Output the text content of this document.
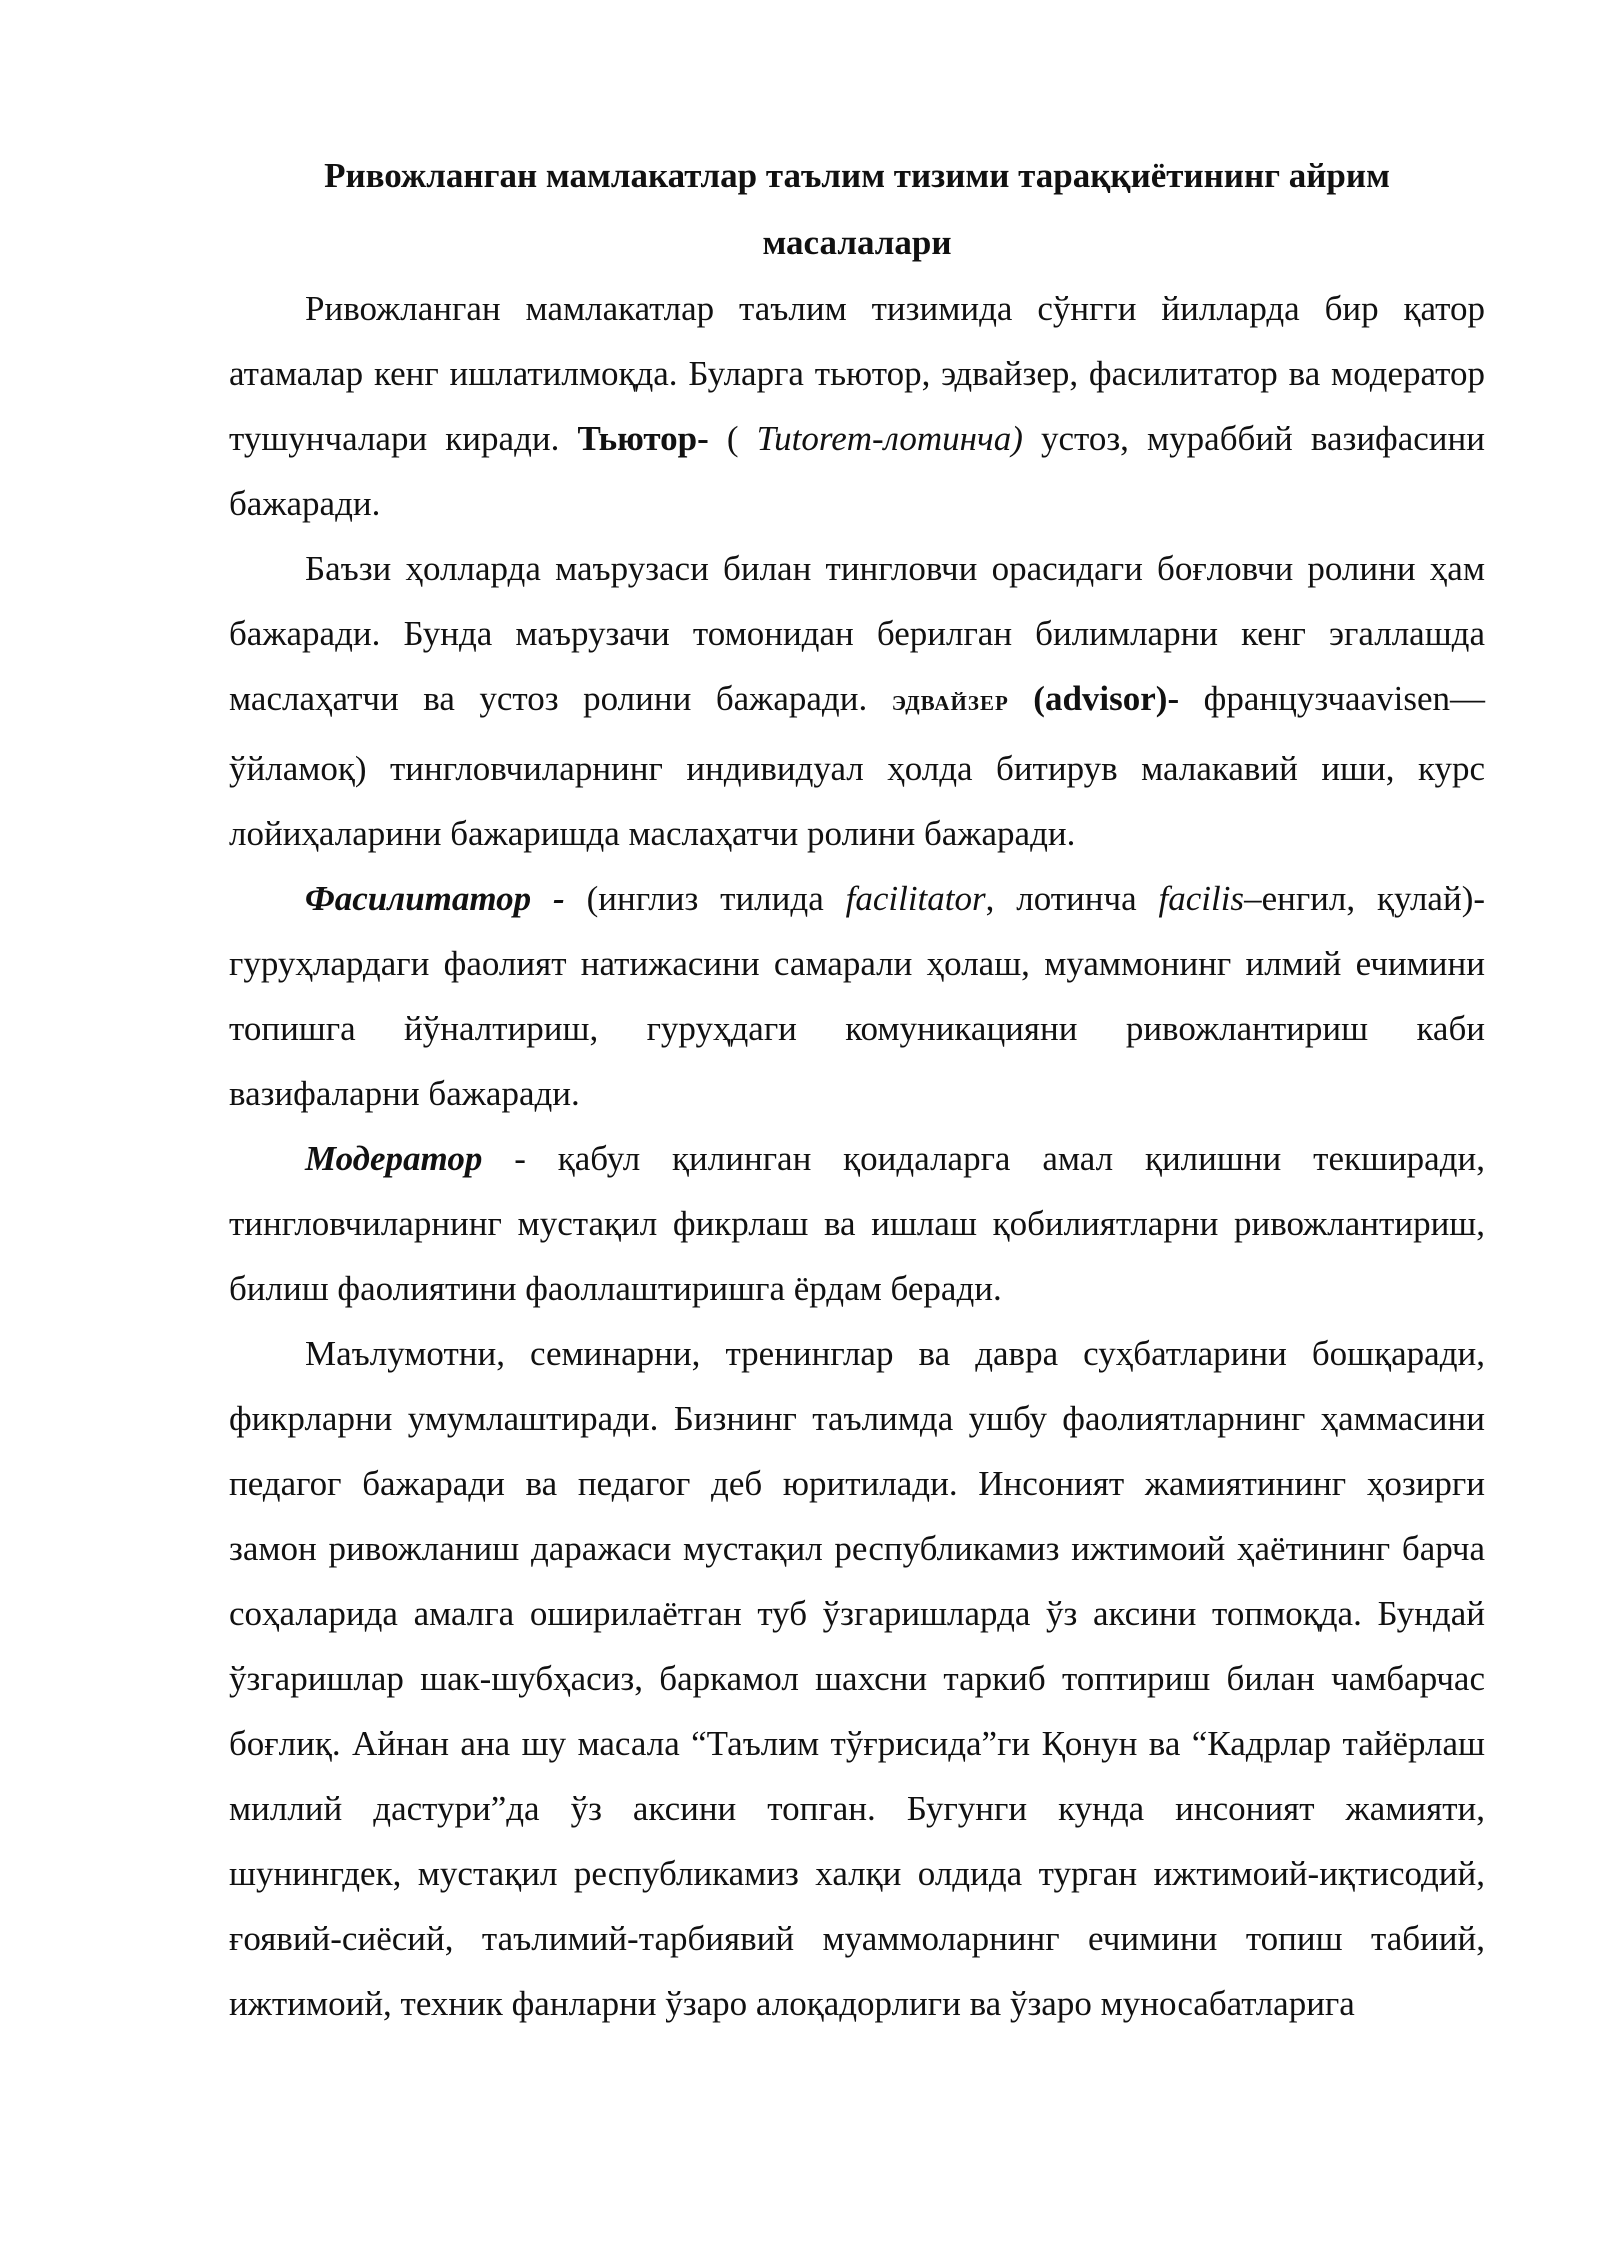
Ривожланган мамлакатлар таълим тизими тараққиётининг айрим масалалари

Ривожланган мамлакатлар таълим тизимида сўнгги йилларда бир қатор атамалар кенг ишлатилмоқда. Буларга тьютор, эдвайзер, фасилитатор ва модератор тушунчалари киради. Тьютор- ( Tutorem-лотинча) устоз, мураббий вазифасини бажаради.

Баъзи ҳолларда маърузаси билан тингловчи орасидаги боғловчи ролини ҳам бажаради. Бунда маърузачи томонидан берилган билимларни кенг эгаллашда маслаҳатчи ва устоз ролини бажаради. ЭДВАЙЗЕР (advisor)- французчаavisen—ўйламоқ) тингловчиларнинг индивидуал ҳолда битирув малакавий иши, курс лойиҳаларини бажаришда маслаҳатчи ролини бажаради.

Фасилитатор - (инглиз тилида facilitator, лотинча facilis–енгил, қулай)- гуруҳлардаги фаолият натижасини самарали ҳолаш, муаммонинг илмий ечимини топишга йўналтириш, гуруҳдаги комуникацияни ривожлантириш каби вазифаларни бажаради.

Модератор - қабул қилинган қоидаларга амал қилишни текширади, тингловчиларнинг мустақил фикрлаш ва ишлаш қобилиятларни ривожлантириш, билиш фаолиятини фаоллаштиришга ёрдам беради.

Маълумотни, семинарни, тренинглар ва давра суҳбатларини бошқаради, фикрларни умумлаштиради. Бизнинг таълимда ушбу фаолиятларнинг ҳаммасини педагог бажаради ва педагог деб юритилади. Инсоният жамиятининг ҳозирги замон ривожланиш даражаси мустақил республикамиз ижтимоий ҳаётининг барча соҳаларида амалга оширилаётган туб ўзгаришларда ўз аксини топмоқда. Бундай ўзгаришлар шак-шубҳасиз, баркамол шахсни таркиб топтириш билан чамбарчас боғлиқ. Айнан ана шу масала “Таълим тўғрисида”ги Қонун ва “Кадрлар тайёрлаш миллий дастури”да ўз аксини топган. Бугунги кунда инсоният жамияти, шунингдек, мустақил республикамиз халқи олдида турган ижтимоий-иқтисодий, ғоявий-сиёсий, таълимий-тарбиявий муаммоларнинг ечимини топиш табиий, ижтимоий, техник фанларни ўзаро алоқадорлиги ва ўзаро муносабатларига
